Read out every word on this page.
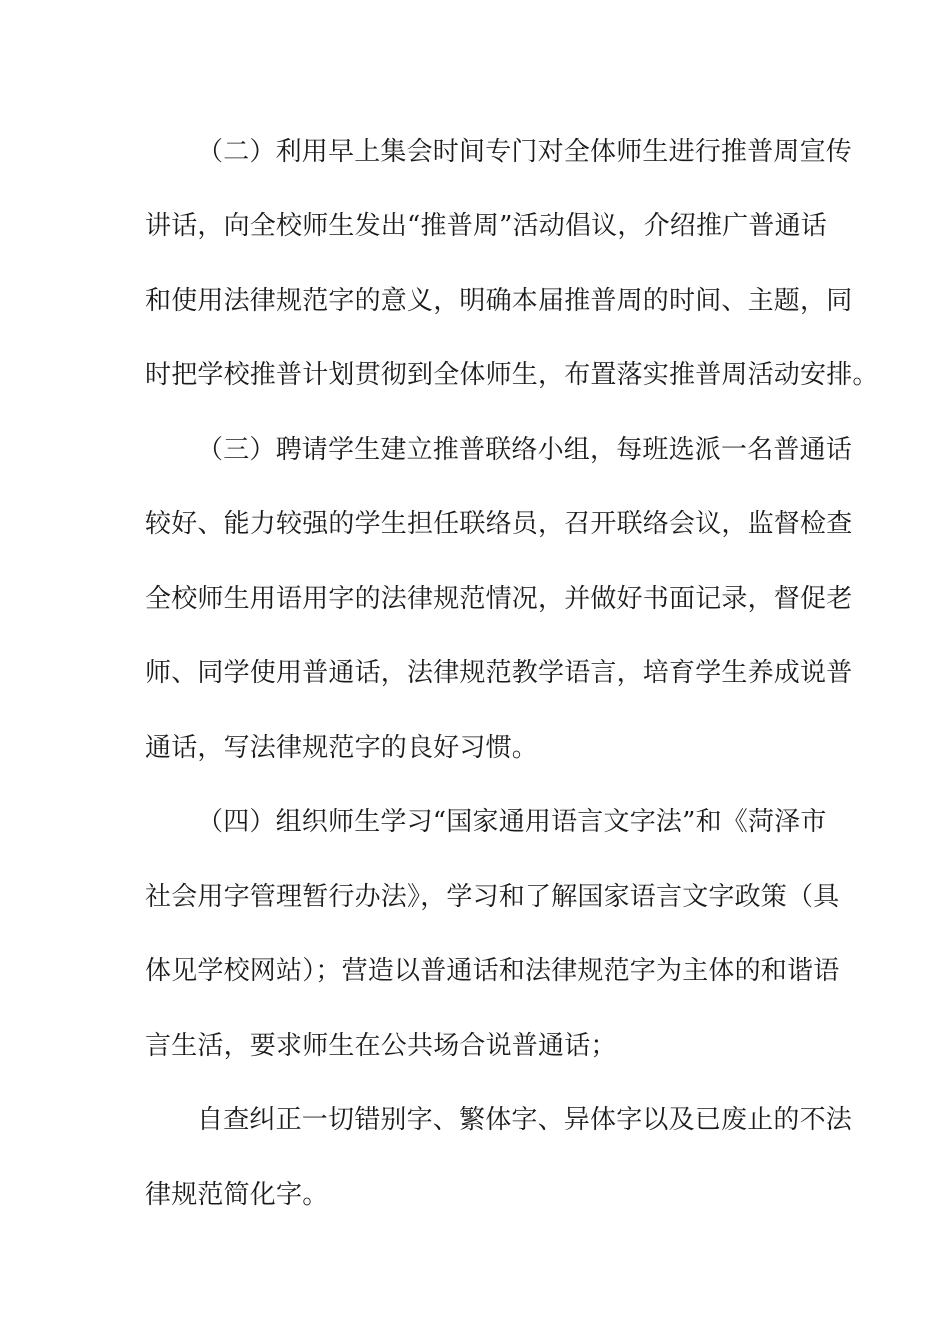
（二）利用早上集会时间专门对全体师生进行推普周宣传
讲话，向全校师生发出“推普周”活动倡议，介绍推广普通话
和使用法律规范字的意义，明确本届推普周的时间、主题，同
时把学校推普计划贯彻到全体师生，布置落实推普周活动安排。
（三）聘请学生建立推普联络小组，每班选派一名普通话
较好、能力较强的学生担任联络员，召开联络会议，监督检查
全校师生用语用字的法律规范情况，并做好书面记录，督促老
师、同学使用普通话，法律规范教学语言，培育学生养成说普
通话，写法律规范字的良好习惯。
（四）组织师生学习“国家通用语言文字法”和《菏泽市
社会用字管理暂行办法》，学习和了解国家语言文字政策（具
体见学校网站）；营造以普通话和法律规范字为主体的和谐语
言生活，要求师生在公共场合说普通话；
自查纠正一切错别字、繁体字、异体字以及已废止的不法
律规范简化字。
